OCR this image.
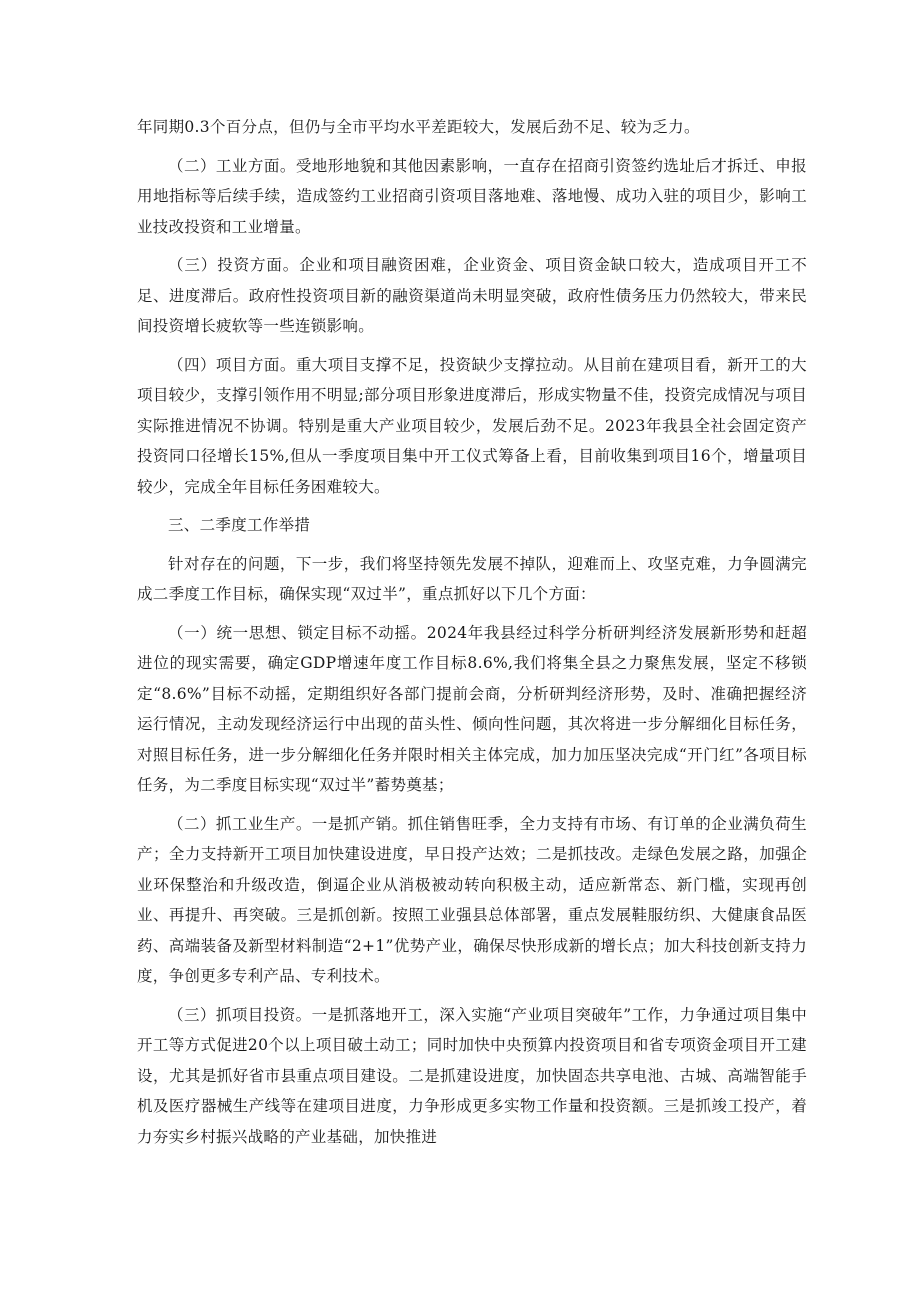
年同期0.3个百分点，但仍与全市平均水平差距较大，发展后劲不足、较为乏力。

（二）工业方面。受地形地貌和其他因素影响，一直存在招商引资签约选址后才拆迁、申报用地指标等后续手续，造成签约工业招商引资项目落地难、落地慢、成功入驻的项目少，影响工业技改投资和工业增量。

（三）投资方面。企业和项目融资困难，企业资金、项目资金缺口较大，造成项目开工不足、进度滞后。政府性投资项目新的融资渠道尚未明显突破，政府性债务压力仍然较大，带来民间投资增长疲软等一些连锁影响。

（四）项目方面。重大项目支撑不足，投资缺少支撑拉动。从目前在建项目看，新开工的大项目较少，支撑引领作用不明显;部分项目形象进度滞后，形成实物量不佳，投资完成情况与项目实际推进情况不协调。特别是重大产业项目较少，发展后劲不足。2023年我县全社会固定资产投资同口径增长15%,但从一季度项目集中开工仪式筹备上看，目前收集到项目16个，增量项目较少，完成全年目标任务困难较大。

三、二季度工作举措

针对存在的问题，下一步，我们将坚持领先发展不掉队，迎难而上、攻坚克难，力争圆满完成二季度工作目标，确保实现“双过半”，重点抓好以下几个方面：

（一）统一思想、锁定目标不动摇。2024年我县经过科学分析研判经济发展新形势和赶超进位的现实需要，确定GDP增速年度工作目标8.6%,我们将集全县之力聚焦发展，坚定不移锁定“8.6%”目标不动摇，定期组织好各部门提前会商，分析研判经济形势，及时、准确把握经济运行情况，主动发现经济运行中出现的苗头性、倾向性问题，其次将进一步分解细化目标任务，对照目标任务，进一步分解细化任务并限时相关主体完成，加力加压坚决完成“开门红”各项目标任务，为二季度目标实现“双过半”蓄势奠基；

（二）抓工业生产。一是抓产销。抓住销售旺季，全力支持有市场、有订单的企业满负荷生产；全力支持新开工项目加快建设进度，早日投产达效；二是抓技改。走绿色发展之路，加强企业环保整治和升级改造，倒逼企业从消极被动转向积极主动，适应新常态、新门槛，实现再创业、再提升、再突破。三是抓创新。按照工业强县总体部署，重点发展鞋服纺织、大健康食品医药、高端装备及新型材料制造“2+1”优势产业，确保尽快形成新的增长点；加大科技创新支持力度，争创更多专利产品、专利技术。

（三）抓项目投资。一是抓落地开工，深入实施“产业项目突破年”工作，力争通过项目集中开工等方式促进20个以上项目破土动工；同时加快中央预算内投资项目和省专项资金项目开工建设，尤其是抓好省市县重点项目建设。二是抓建设进度，加快固态共享电池、古城、高端智能手机及医疗器械生产线等在建项目进度，力争形成更多实物工作量和投资额。三是抓竣工投产，着力夯实乡村振兴战略的产业基础，加快推进
